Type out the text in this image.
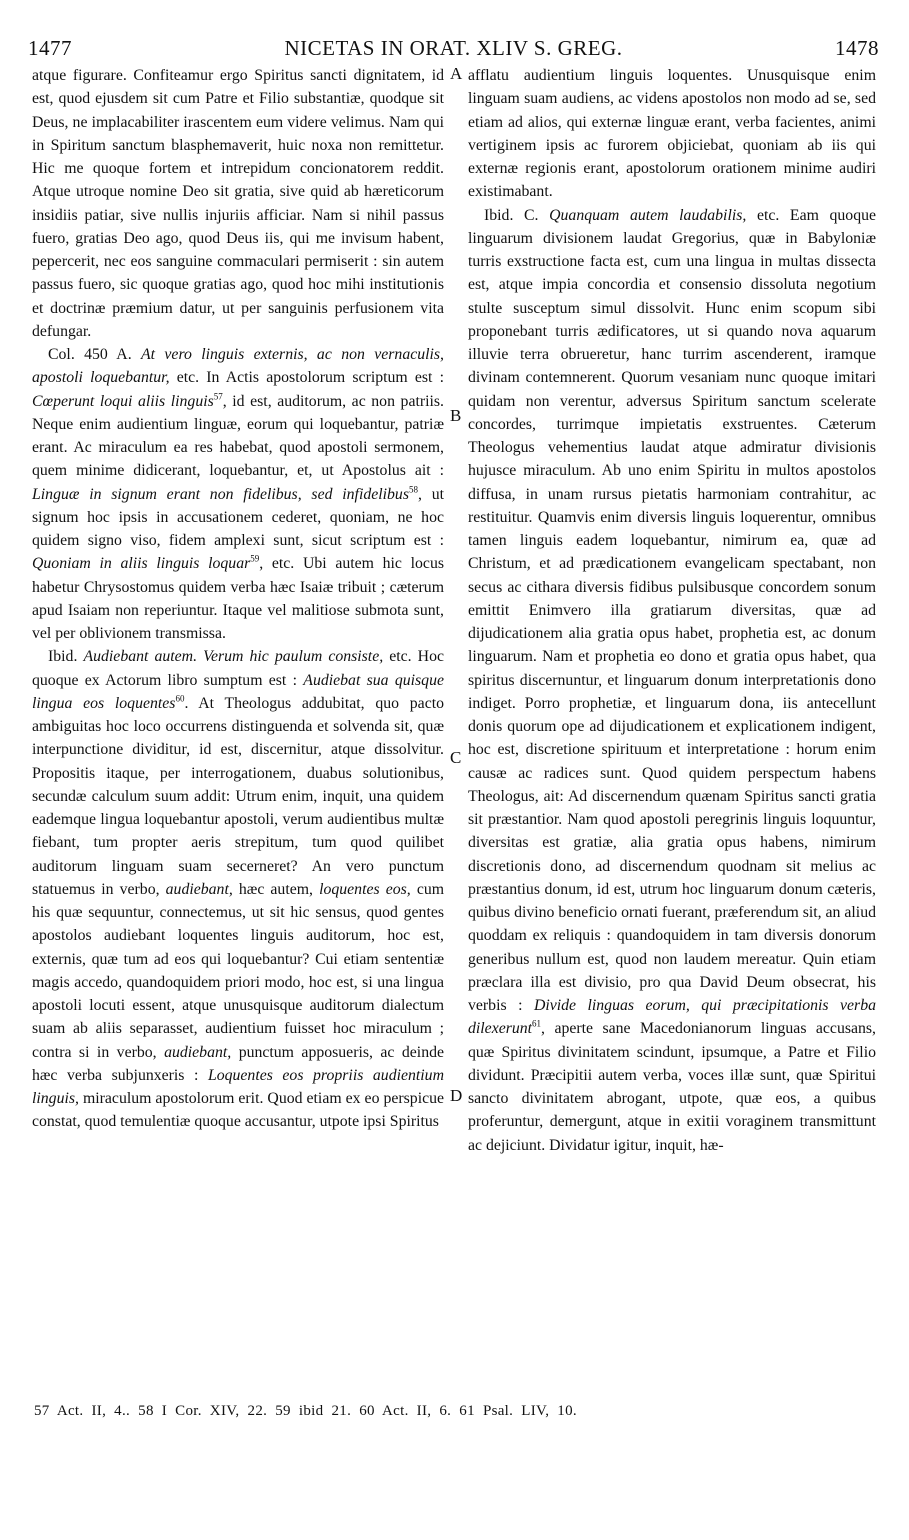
1477	NICETAS IN ORAT. XLIV S. GREG.	1478
A
B
C
D

atque figurare. Confiteamur ergo Spiritus sancti dignitatem, id est, quod ejusdem sit cum Patre et Filio substantiæ, quodque sit Deus, ne implacabiliter irascentem eum videre velimus. Nam qui in Spiritum sanctum blasphemaverit, huic noxa non remittetur. Hic me quoque fortem et intrepidum concionatorem reddit. Atque utroque nomine Deo sit gratia, sive quid ab hæreticorum insidiis patiar, sive nullis injuriis afficiar. Nam si nihil passus fuero, gratias Deo ago, quod Deus iis, qui me invisum habent, pepercerit, nec eos sanguine commaculari permiserit : sin autem passus fuero, sic quoque gratias ago, quod hoc mihi institutionis et doctrinæ præmium datur, ut per sanguinis perfusionem vita defungar.

Col. 450 A. At vero linguis externis, ac non vernaculis, apostoli loquebantur, etc. In Actis apostolorum scriptum est : Cœperunt loqui aliis linguis$^{57}$, id est, auditorum, ac non patriis. Neque enim audientium linguæ, eorum qui loquebantur, patriæ erant. Ac miraculum ea res habebat, quod apostoli sermonem, quem minime didicerant, loquebantur, et, ut Apostolus ait : Linguæ in signum erant non fidelibus, sed infidelibus$^{58}$, ut signum hoc ipsis in accusationem cederet, quoniam, ne hoc quidem signo viso, fidem amplexi sunt, sicut scriptum est : Quoniam in aliis linguis loquar$^{59}$, etc. Ubi autem hic locus habetur Chrysostomus quidem verba hæc Isaiæ tribuit ; cæterum apud Isaiam non reperiuntur. Itaque vel malitiose submota sunt, vel per oblivionem transmissa.

Ibid. Audiebant autem. Verum hic paulum consiste, etc. Hoc quoque ex Actorum libro sumptum est : Audiebat sua quisque lingua eos loquentes$^{60}$. At Theologus addubitat, quo pacto ambiguitas hoc loco occurrens distinguenda et solvenda sit, quæ interpunctione dividitur, id est, discernitur, atque dissolvitur. Propositis itaque, per interrogationem, duabus solutionibus, secundæ calculum suum addit: Utrum enim, inquit, una quidem eademque lingua loquebantur apostoli, verum audientibus multæ fiebant, tum propter aeris strepitum, tum quod quilibet auditorum linguam suam secerneret? An vero punctum statuemus in verbo, audiebant, hæc autem, loquentes eos, cum his quæ sequuntur, connectemus, ut sit hic sensus, quod gentes apostolos audiebant loquentes linguis auditorum, hoc est, externis, quæ tum ad eos qui loquebantur? Cui etiam sententiæ magis accedo, quandoquidem priori modo, hoc est, si una lingua apostoli locuti essent, atque unusquisque auditorum dialectum suam ab aliis separasset, audientium fuisset hoc miraculum ; contra si in verbo, audiebant, punctum apposueris, ac deinde hæc verba subjunxeris : Loquentes eos propriis audientium linguis, miraculum apostolorum erit. Quod etiam ex eo perspicue constat, quod temulentiæ quoque accusantur, utpote ipsi Spiritus

afflatu audientium linguis loquentes. Unusquisque enim linguam suam audiens, ac videns apostolos non modo ad se, sed etiam ad alios, qui externæ linguæ erant, verba facientes, animi vertiginem ipsis ac furorem objiciebat, quoniam ab iis qui externæ regionis erant, apostolorum orationem minime audiri existimabant.

Ibid. C. Quanquam autem laudabilis, etc. Eam quoque linguarum divisionem laudat Gregorius, quæ in Babyloniæ turris exstructione facta est, cum una lingua in multas dissecta est, atque impia concordia et consensio dissoluta negotium stulte susceptum simul dissolvit. Hunc enim scopum sibi proponebant turris ædificatores, ut si quando nova aquarum illuvie terra obrueretur, hanc turrim ascenderent, iramque divinam contemnerent. Quorum vesaniam nunc quoque imitari quidam non verentur, adversus Spiritum sanctum scelerate concordes, turrimque impietatis exstruentes. Cæterum Theologus vehementius laudat atque admiratur divisionis hujusce miraculum. Ab uno enim Spiritu in multos apostolos diffusa, in unam rursus pietatis harmoniam contrahitur, ac restituitur. Quamvis enim diversis linguis loquerentur, omnibus tamen linguis eadem loquebantur, nimirum ea, quæ ad Christum, et ad prædicationem evangelicam spectabant, non secus ac cithara diversis fidibus pulsibusque concordem sonum emittit Enimvero illa gratiarum diversitas, quæ ad dijudicationem alia gratia opus habet, prophetia est, ac donum linguarum. Nam et prophetia eo dono et gratia opus habet, qua spiritus discernuntur, et linguarum donum interpretationis dono indiget. Porro prophetiæ, et linguarum dona, iis antecellunt donis quorum ope ad dijudicationem et explicationem indigent, hoc est, discretione spirituum et interpretatione : horum enim causæ ac radices sunt. Quod quidem perspectum habens Theologus, ait: Ad discernendum quænam Spiritus sancti gratia sit præstantior. Nam quod apostoli peregrinis linguis loquuntur, diversitas est gratiæ, alia gratia opus habens, nimirum discretionis dono, ad discernendum quodnam sit melius ac præstantius donum, id est, utrum hoc linguarum donum cæteris, quibus divino beneficio ornati fuerant, præferendum sit, an aliud quoddam ex reliquis : quandoquidem in tam diversis donorum generibus nullum est, quod non laudem mereatur. Quin etiam præclara illa est divisio, pro qua David Deum obsecrat, his verbis : Divide linguas eorum, qui præcipitationis verba dilexerunt$^{61}$, aperte sane Macedonianorum linguas accusans, quæ Spiritus divinitatem scindunt, ipsumque, a Patre et Filio dividunt. Præcipitii autem verba, voces illæ sunt, quæ Spiritui sancto divinitatem abrogant, utpote, quæ eos, a quibus proferuntur, demergunt, atque in exitii voraginem transmittunt ac dejiciunt. Dividatur igitur, inquit, hæ-

57 Act. II, 4.. 58 I Cor. XIV, 22. 59 ibid 21. 60 Act. II, 6. 61 Psal. LIV, 10.
